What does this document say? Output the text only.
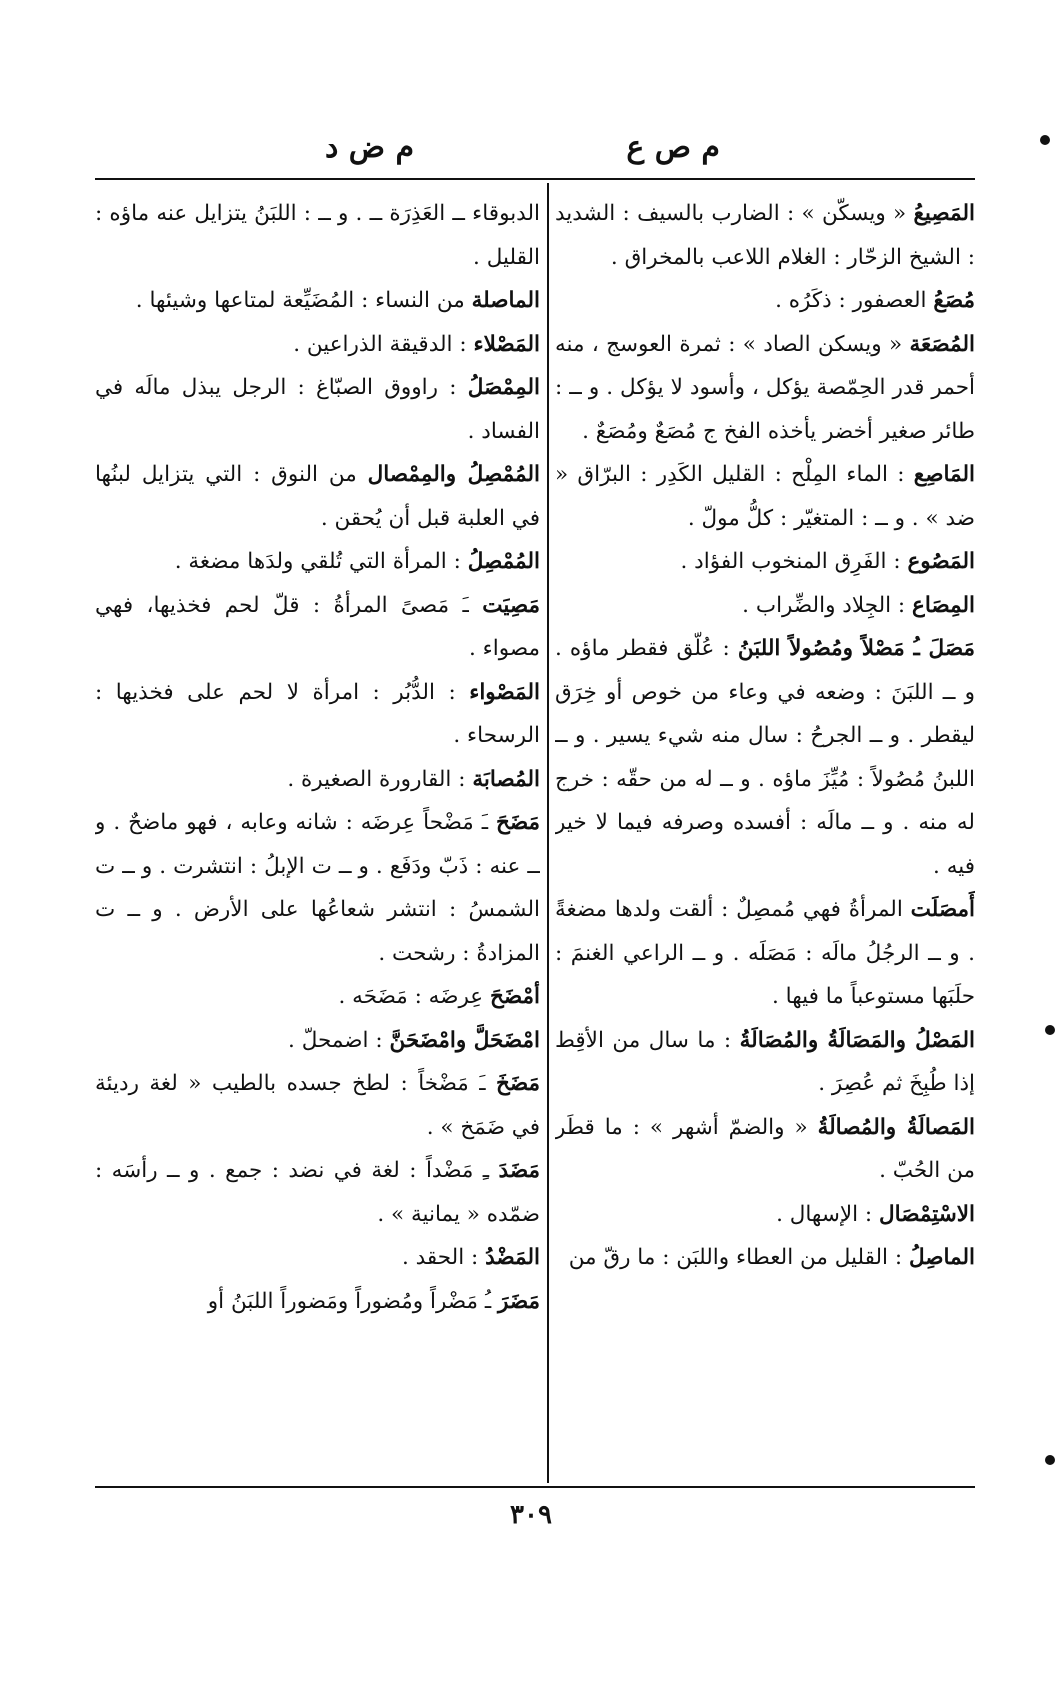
م ص ع
م ض د

المَصِيعُ « ويسكّن » : الضارب بالسيف : الشديد : الشيخ الزحّار : الغلام اللاعب بالمخراق .

مُصَعُ العصفور : ذكَرُه .

المُصَعَة « ويسكن الصاد » : ثمرة العوسج ، منه أحمر قدر الحِمّصة يؤكل ، وأسود لا يؤكل . و ــ : طائر صغير أخضر يأخذه الفخ ج مُصَعٌ ومُصَعٌ .

المَاصِع : الماء المِلْح : القليل الكَدِر : البرّاق « ضد » . و ــ : المتغيّر : كلُّ مولّ .

المَصُوع : الفَرِق المنخوب الفؤاد .

المِصَاع : الجِلاد والضِّراب .

مَصَلَ ـُ مَصْلاً ومُصُولاً اللبَنُ : عُلّق فقطر ماؤه . و ــ اللبَنَ : وضعه في وعاء من خوص أو خِرَق ليقطر . و ــ الجرحُ : سال منه شيء يسير . و ــ اللبنُ مُصُولاً : مُيِّزَ ماؤه . و ــ له من حقّه : خرج له منه . و ــ مالَه : أفسده وصرفه فيما لا خير فيه .

أَمصَلَت المرأةُ فهي مُمصِلٌ : ألقت ولدها مضغةً . و ــ الرجُلُ مالَه : مَصَلَه . و ــ الراعي الغنمَ : حلَبَها مستوعباً ما فيها .

المَصْلُ والمَصَالَةُ والمُصَالَةُ : ما سال من الأقِط إذا طُبِخَ ثم عُصِرَ .

المَصالَةُ والمُصالَةُ « والضمّ أشهر » : ما قطَر من الحُبّ .

الاسْتِمْصَال : الإسهال .

الماصِلُ : القليل من العطاء واللبَن : ما رقّ من

الدبوقاء ــ العَذِرَة ــ . و ــ : اللبَنُ يتزايل عنه ماؤه : القليل .

الماصلة من النساء : المُضَيِّعة لمتاعها وشيئها .

المَصْلاء : الدقيقة الذراعين .

المِمْصَلُ : راووق الصبّاغ : الرجل يبذل مالَه في الفساد .

المُمْصِلُ والمِمْصال من النوق : التي يتزايل لبنُها في العلبة قبل أن يُحقن .

المُمْصِلُ : المرأة التي تُلقي ولدَها مضغة .

مَصِيَت ـَ مَصىً المرأةُ : قلّ لحم فخذيها، فهي مصواء .

المَصْواء : الدُّبُر : امرأة لا لحم على فخذيها : الرسحاء .

المُصابَة : القارورة الصغيرة .

مَضَحَ ـَ مَضْحاً عِرضَه : شانه وعابه ، فهو ماضحٌ . و ــ عنه : ذَبّ ودَفَع . و ــ ت الإبلُ : انتشرت . و ــ ت الشمسُ : انتشر شعاعُها على الأرض . و ــ ت المزادةُ : رشحت .

أمْضَحَ عِرضَه : مَضَحَه .

امْضَحَلَّ وامْضَحَنَّ : اضمحلّ .

مَضَخَ ـَ مَضْخاً : لطخ جسده بالطيب « لغة رديئة في ضَمَخ » .

مَضَدَ ـِ مَضْداً : لغة في نضد : جمع . و ــ رأسَه : ضمّده « يمانية » .

المَضْدُ : الحقد .

مَضَرَ ـُ مَضْراً ومُضوراً ومَضوراً اللبَنُ أو

٣٠٩
